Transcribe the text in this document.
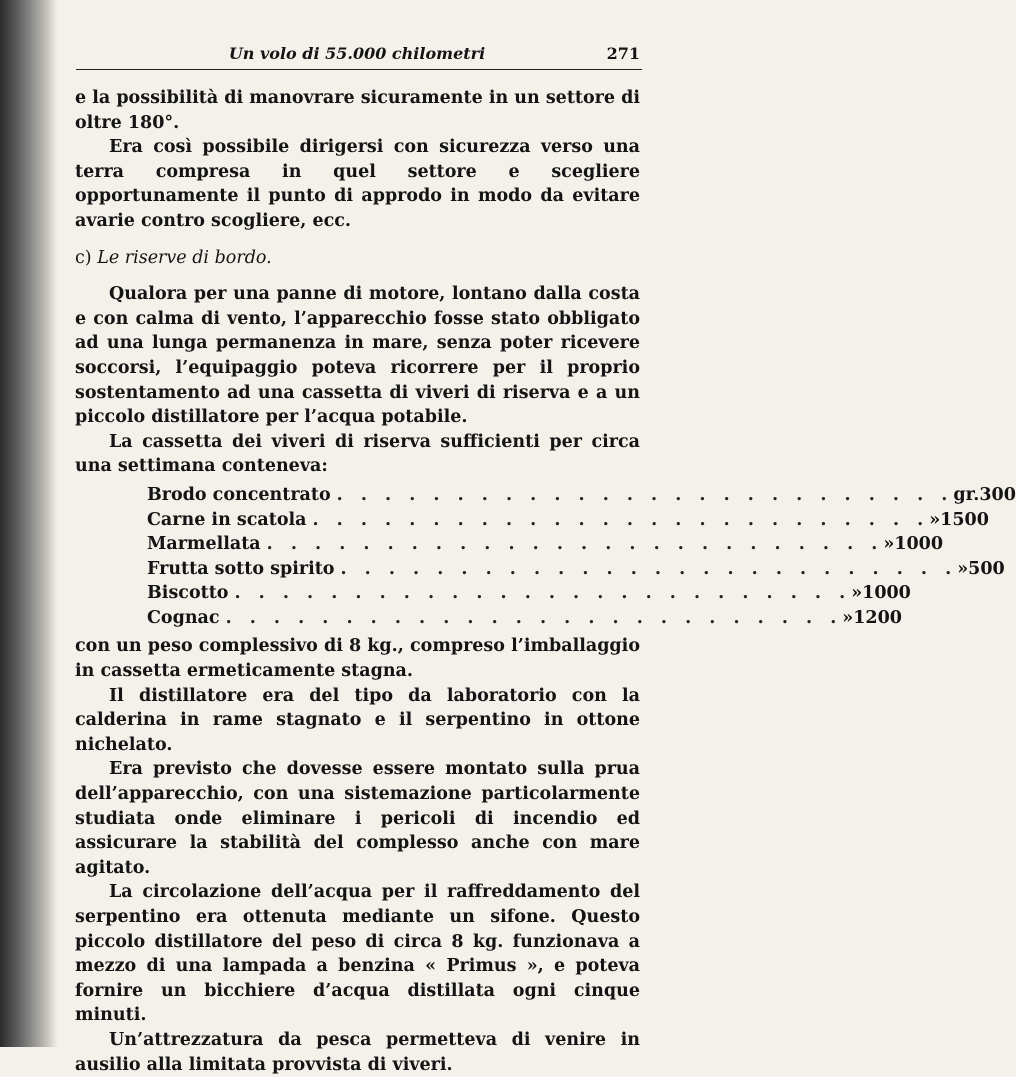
Un volo di 55.000 chilometri	271

e la possibilità di manovrare sicuramente in un settore di oltre 180°.

Era così possibile dirigersi con sicurezza verso una terra compresa in quel settore e scegliere opportunamente il punto di approdo in modo da evitare avarie contro scogliere, ecc.

c) Le riserve di bordo.

Qualora per una panne di motore, lontano dalla costa e con calma di vento, l’apparecchio fosse stato obbligato ad una lunga permanenza in mare, senza poter ricevere soccorsi, l’equipaggio poteva ricorrere per il proprio sostentamento ad una cassetta di viveri di riserva e a un piccolo distillatore per l’acqua potabile.

La cassetta dei viveri di riserva sufficienti per circa una settimana conteneva:

Brodo concentrato . . . . . . . . . . . . . . . . . . . . . . . . . . gr. 300
Carne in scatola . . . . . . . . . . . . . . . . . . . . . . . . . . » 1500
Marmellata . . . . . . . . . . . . . . . . . . . . . . . . . . » 1000
Frutta sotto spirito . . . . . . . . . . . . . . . . . . . . . . . . . . » 500
Biscotto . . . . . . . . . . . . . . . . . . . . . . . . . . » 1000
Cognac . . . . . . . . . . . . . . . . . . . . . . . . . . » 1200

con un peso complessivo di 8 kg., compreso l’imballaggio in cassetta ermeticamente stagna.

Il distillatore era del tipo da laboratorio con la calderina in rame stagnato e il serpentino in ottone nichelato.

Era previsto che dovesse essere montato sulla prua dell’apparecchio, con una sistemazione particolarmente studiata onde eliminare i pericoli di incendio ed assicurare la stabilità del complesso anche con mare agitato.

La circolazione dell’acqua per il raffreddamento del serpentino era ottenuta mediante un sifone. Questo piccolo distillatore del peso di circa 8 kg. funzionava a mezzo di una lampada a benzina « Primus », e poteva fornire un bicchiere d’acqua distillata ogni cinque minuti.

Un’attrezzatura da pesca permetteva di venire in ausilio alla limitata provvista di viveri.
